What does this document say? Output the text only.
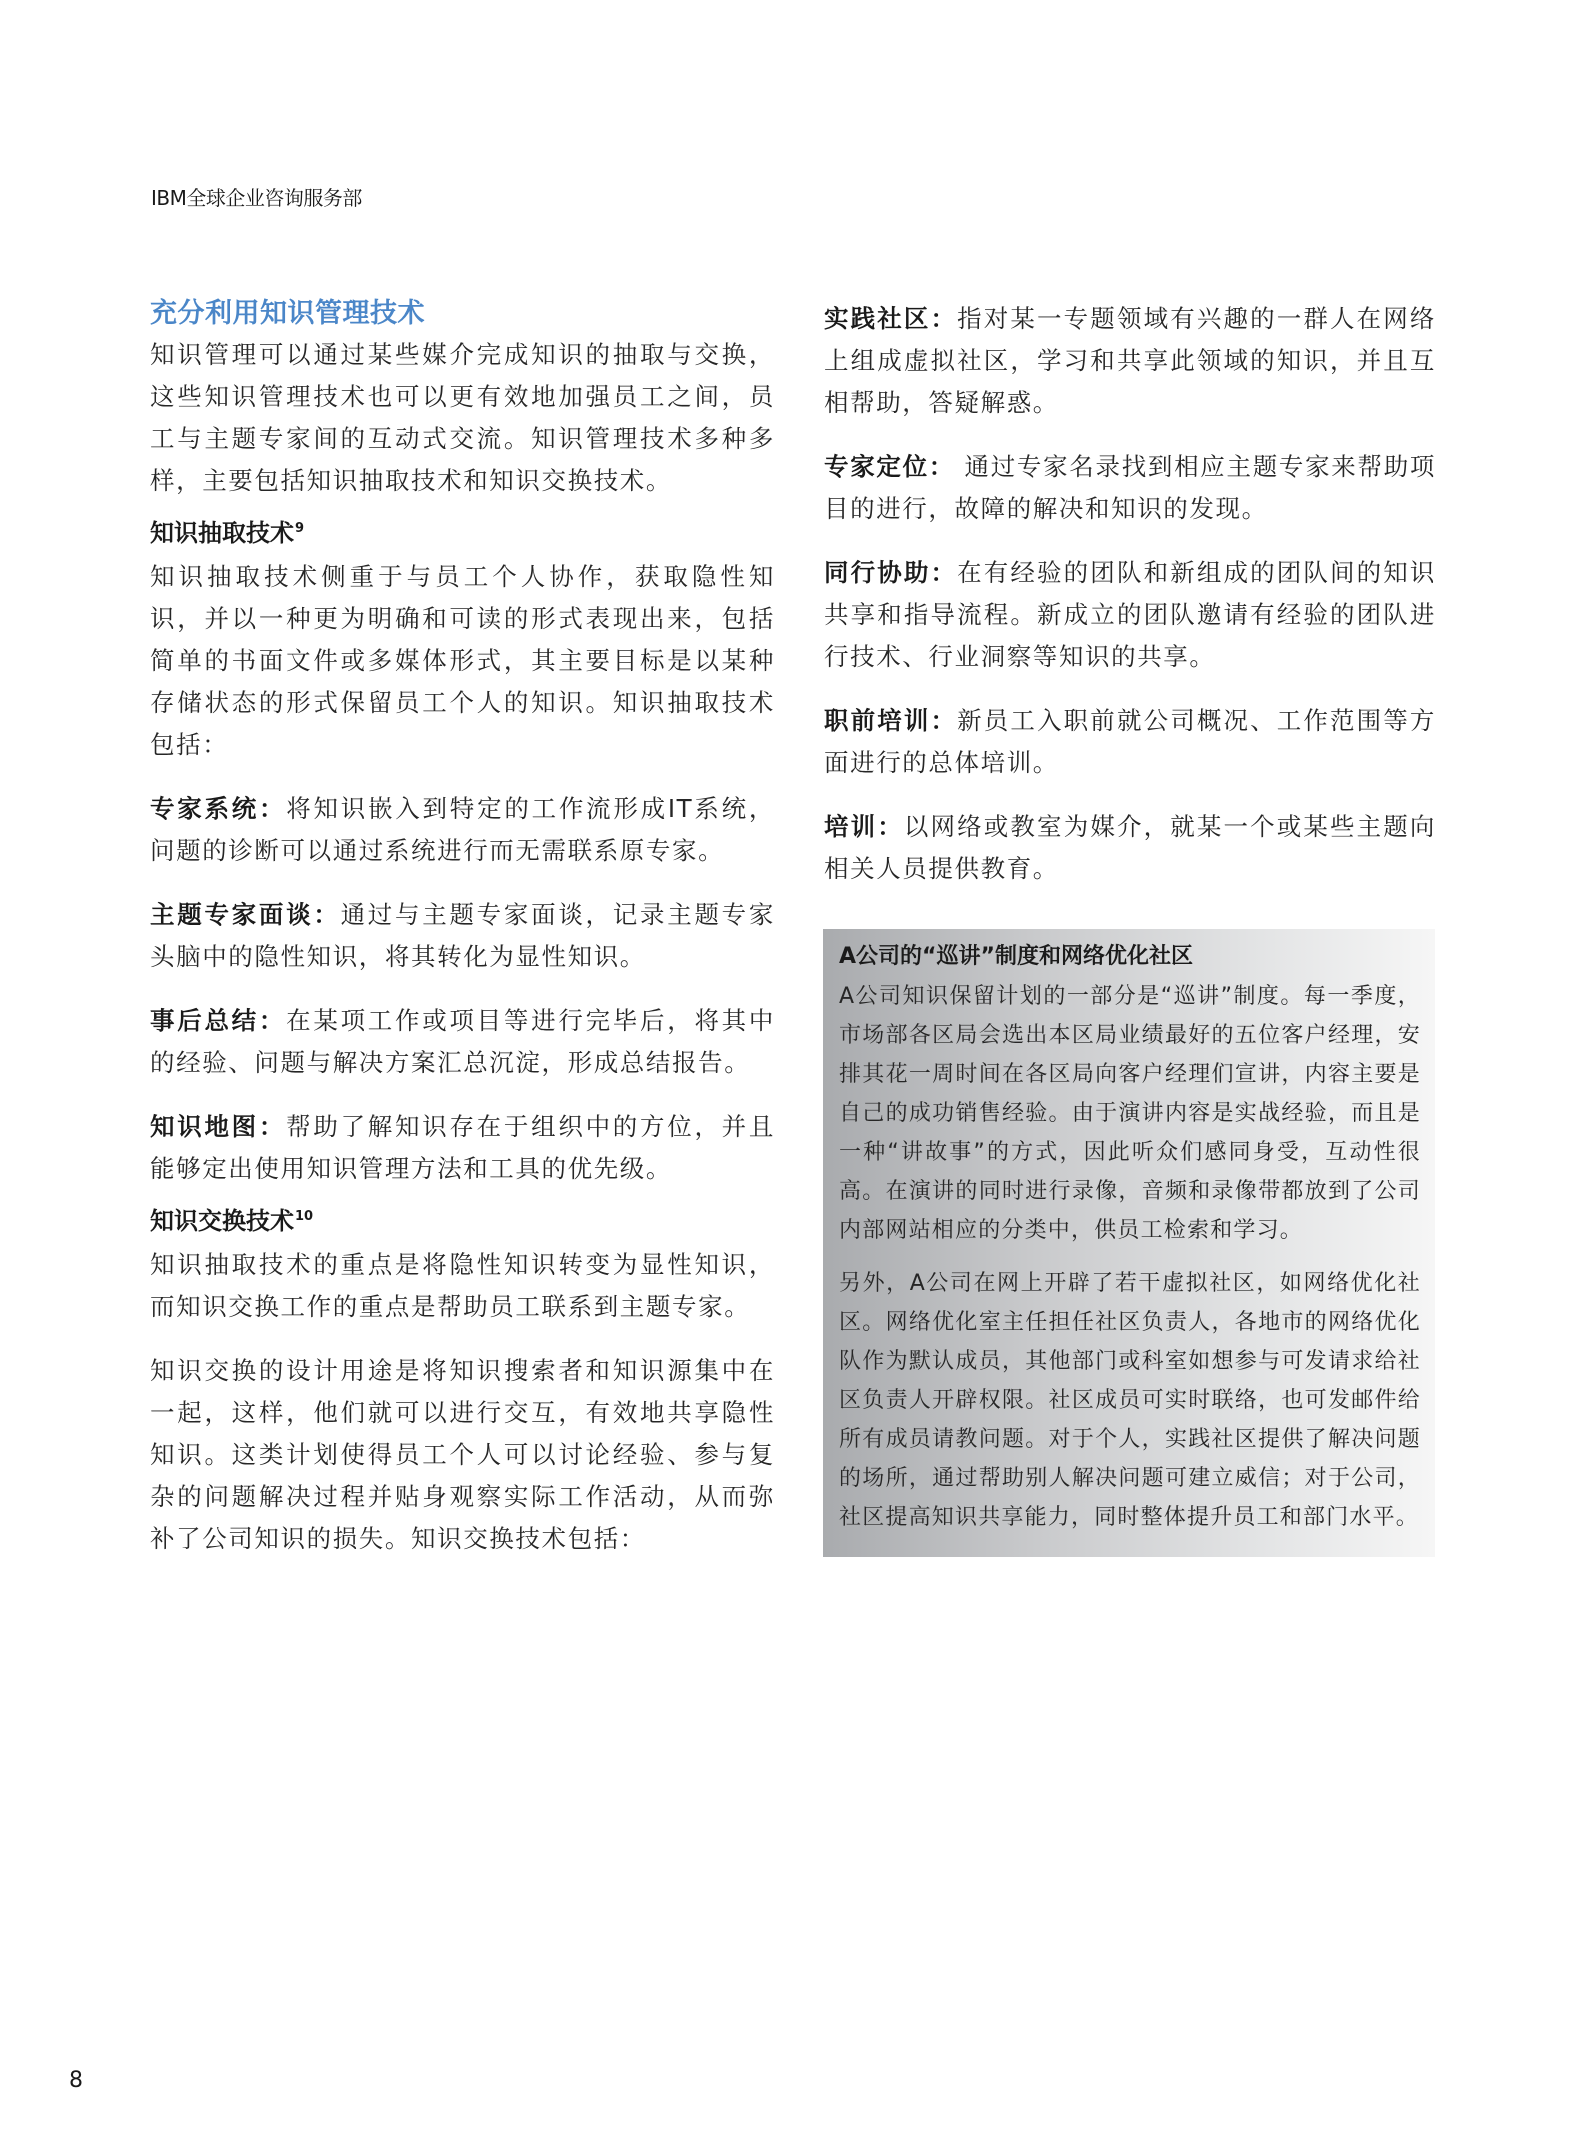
IBM全球企业咨询服务部
充分利用知识管理技术

知识管理可以通过某些媒介完成知识的抽取与交换，这些知识管理技术也可以更有效地加强员工之间，员工与主题专家间的互动式交流。知识管理技术多种多样，主要包括知识抽取技术和知识交换技术。

知识抽取技术$^9$

知识抽取技术侧重于与员工个人协作，获取隐性知识，并以一种更为明确和可读的形式表现出来，包括简单的书面文件或多媒体形式，其主要目标是以某种存储状态的形式保留员工个人的知识。知识抽取技术包括：

专家系统：将知识嵌入到特定的工作流形成IT系统，问题的诊断可以通过系统进行而无需联系原专家。

主题专家面谈：通过与主题专家面谈，记录主题专家头脑中的隐性知识，将其转化为显性知识。

事后总结：在某项工作或项目等进行完毕后，将其中的经验、问题与解决方案汇总沉淀，形成总结报告。

知识地图：帮助了解知识存在于组织中的方位，并且能够定出使用知识管理方法和工具的优先级。

知识交换技术$^{10}$

知识抽取技术的重点是将隐性知识转变为显性知识，而知识交换工作的重点是帮助员工联系到主题专家。

知识交换的设计用途是将知识搜索者和知识源集中在一起，这样，他们就可以进行交互，有效地共享隐性知识。这类计划使得员工个人可以讨论经验、参与复杂的问题解决过程并贴身观察实际工作活动，从而弥补了公司知识的损失。知识交换技术包括：

实践社区：指对某一专题领域有兴趣的一群人在网络上组成虚拟社区，学习和共享此领域的知识，并且互相帮助，答疑解惑。

专家定位： 通过专家名录找到相应主题专家来帮助项目的进行，故障的解决和知识的发现。

同行协助：在有经验的团队和新组成的团队间的知识共享和指导流程。新成立的团队邀请有经验的团队进行技术、行业洞察等知识的共享。

职前培训：新员工入职前就公司概况、工作范围等方面进行的总体培训。

培训：以网络或教室为媒介，就某一个或某些主题向相关人员提供教育。

A公司的“巡讲”制度和网络优化社区

A公司知识保留计划的一部分是“巡讲”制度。每一季度，市场部各区局会选出本区局业绩最好的五位客户经理，安排其花一周时间在各区局向客户经理们宣讲，内容主要是自己的成功销售经验。由于演讲内容是实战经验，而且是一种“讲故事”的方式，因此听众们感同身受，互动性很高。在演讲的同时进行录像，音频和录像带都放到了公司内部网站相应的分类中，供员工检索和学习。

另外，A公司在网上开辟了若干虚拟社区，如网络优化社区。网络优化室主任担任社区负责人，各地市的网络优化队作为默认成员，其他部门或科室如想参与可发请求给社区负责人开辟权限。社区成员可实时联络，也可发邮件给所有成员请教问题。对于个人，实践社区提供了解决问题的场所，通过帮助别人解决问题可建立威信；对于公司，社区提高知识共享能力，同时整体提升员工和部门水平。

8
